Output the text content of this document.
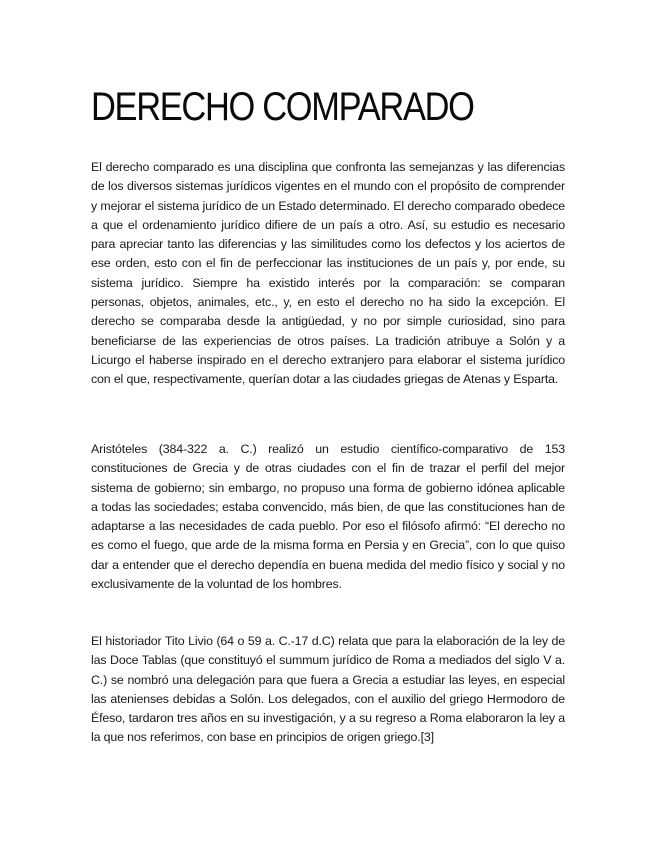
DERECHO COMPARADO

El derecho comparado es una disciplina que confronta las semejanzas y las diferencias de los diversos sistemas jurídicos vigentes en el mundo con el propósito de comprender y mejorar el sistema jurídico de un Estado determinado. El derecho comparado obedece a que el ordenamiento jurídico difiere de un país a otro. Así, su estudio es necesario para apreciar tanto las diferencias y las similitudes como los defectos y los aciertos de ese orden, esto con el fin de perfeccionar las instituciones de un país y, por ende, su sistema jurídico. Siempre ha existido interés por la comparación: se comparan personas, objetos, animales, etc., y, en esto el derecho no ha sido la excepción. El derecho se comparaba desde la antigüedad, y no por simple curiosidad, sino para beneficiarse de las experiencias de otros países. La tradición atribuye a Solón y a Licurgo el haberse inspirado en el derecho extranjero para elaborar el sistema jurídico con el que, respectivamente, querían dotar a las ciudades griegas de Atenas y Esparta.

Aristóteles (384-322 a. C.) realizó un estudio científico-comparativo de 153 constituciones de Grecia y de otras ciudades con el fin de trazar el perfil del mejor sistema de gobierno; sin embargo, no propuso una forma de gobierno idónea aplicable a todas las sociedades; estaba convencido, más bien, de que las constituciones han de adaptarse a las necesidades de cada pueblo. Por eso el filósofo afirmó: “El derecho no es como el fuego, que arde de la misma forma en Persia y en Grecia”, con lo que quiso dar a entender que el derecho dependía en buena medida del medio físico y social y no exclusivamente de la voluntad de los hombres.

El historiador Tito Livio (64 o 59 a. C.-17 d.C) relata que para la elaboración de la ley de las Doce Tablas (que constituyó el summum jurídico de Roma a mediados del siglo V a. C.) se nombró una delegación para que fuera a Grecia a estudiar las leyes, en especial las atenienses debidas a Solón. Los delegados, con el auxilio del griego Hermodoro de Éfeso, tardaron tres años en su investigación, y a su regreso a Roma elaboraron la ley a la que nos referimos, con base en principios de origen griego.[3]
